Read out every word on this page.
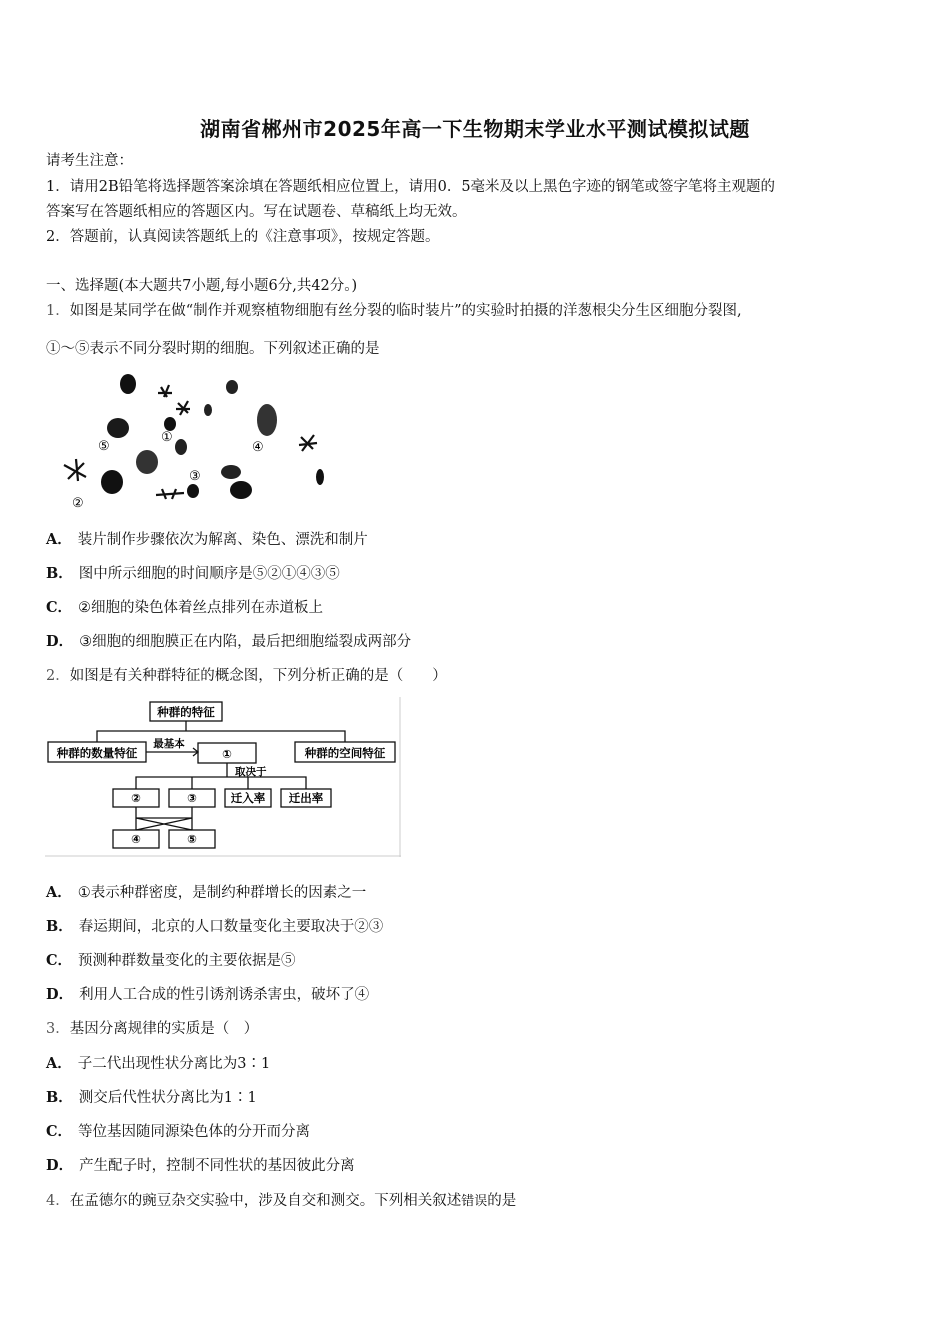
湖南省郴州市2025年高一下生物期末学业水平测试模拟试题
请考生注意：
1．请用2B铅笔将选择题答案涂填在答题纸相应位置上，请用0．5毫米及以上黑色字迹的钢笔或签字笔将主观题的
答案写在答题纸相应的答题区内。写在试题卷、草稿纸上均无效。
2．答题前，认真阅读答题纸上的《注意事项》，按规定答题。
一、选择题(本大题共7小题,每小题6分,共42分。)
1．如图是某同学在做“制作并观察植物细胞有丝分裂的临时装片”的实验时拍摄的洋葱根尖分生区细胞分裂图,
①～⑤表示不同分裂时期的细胞。下列叙述正确的是
⑤
①
③
④
②
A． 装片制作步骤依次为解离、染色、漂洗和制片
B． 图中所示细胞的时间顺序是⑤②①④③⑤
C． ②细胞的染色体着丝点排列在赤道板上
D． ③细胞的细胞膜正在内陷，最后把细胞缢裂成两部分
2．如图是有关种群特征的概念图，下列分析正确的是（　　）
种群的特征
种群的数量特征
最基本
①	种群的空间特征
取决于
②	③	迁入率 迁出率
④	⑤
A． ①表示种群密度，是制约种群增长的因素之一
B． 春运期间，北京的人口数量变化主要取决于②③
C． 预测种群数量变化的主要依据是⑤
D． 利用人工合成的性引诱剂诱杀害虫，破坏了④
3．基因分离规律的实质是（　）
A． 子二代出现性状分离比为3∶1
B． 测交后代性状分离比为1∶1
C． 等位基因随同源染色体的分开而分离
D． 产生配子时，控制不同性状的基因彼此分离
4．在孟德尔的豌豆杂交实验中，涉及自交和测交。下列相关叙述错误的是
